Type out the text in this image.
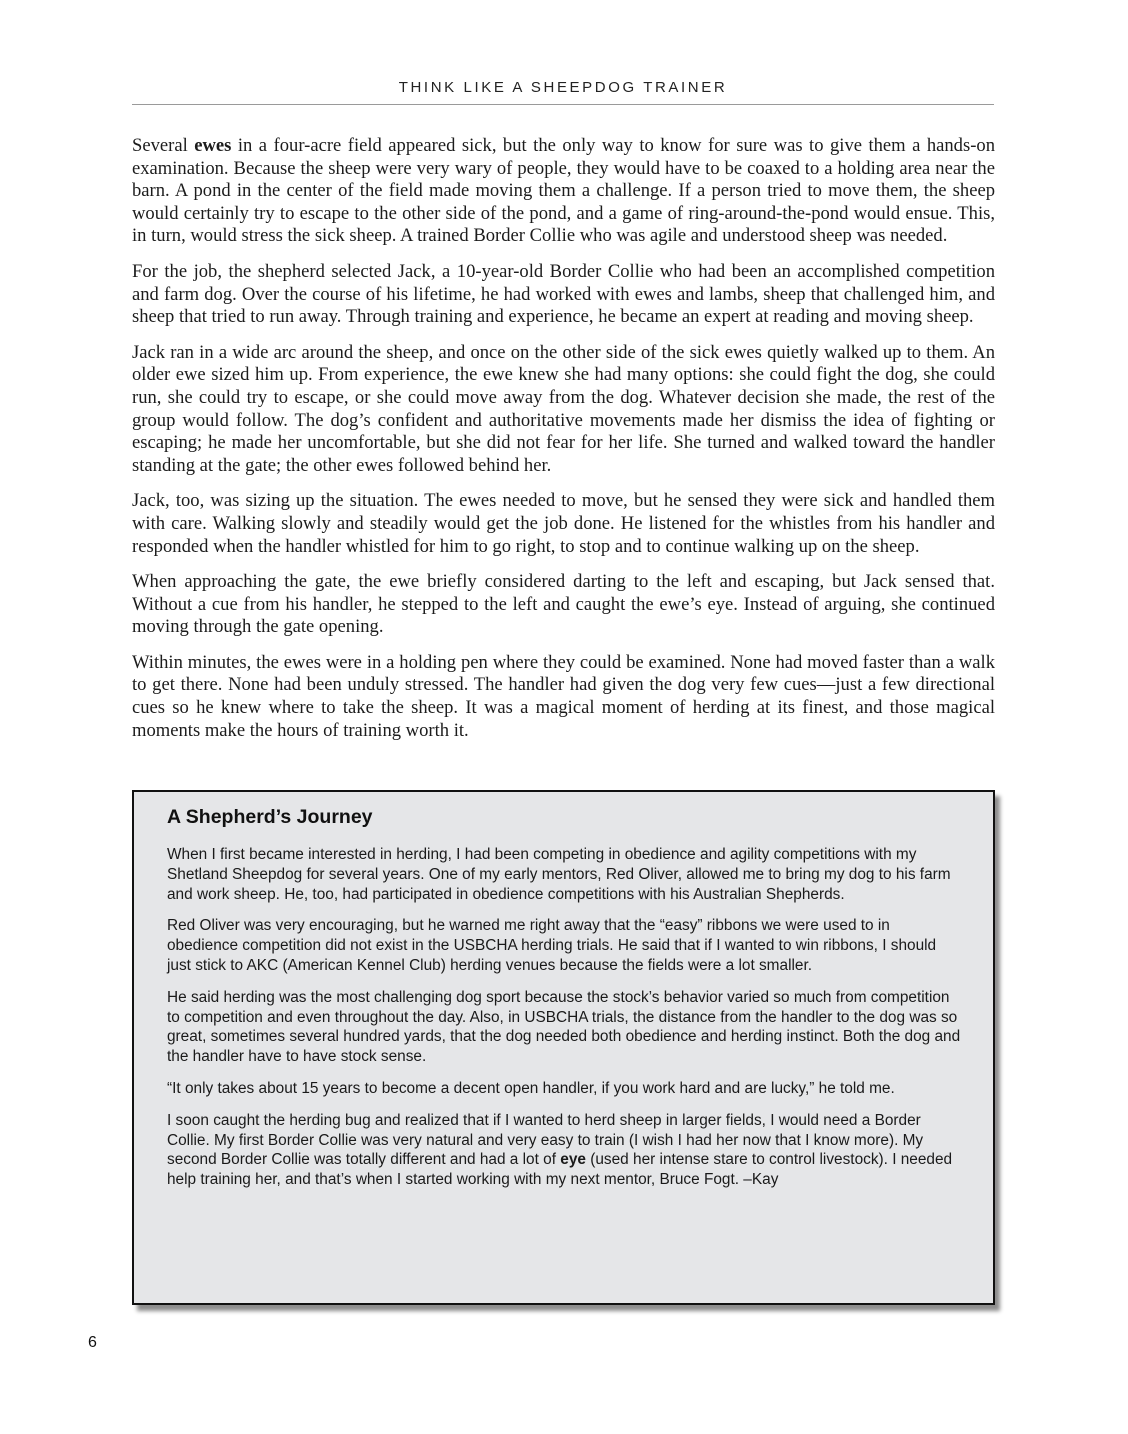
THINK LIKE A SHEEPDOG TRAINER

Several ewes in a four-acre field appeared sick, but the only way to know for sure was to give them a hands-on examination. Because the sheep were very wary of people, they would have to be coaxed to a holding area near the barn. A pond in the center of the field made moving them a challenge. If a person tried to move them, the sheep would certainly try to escape to the other side of the pond, and a game of ring-around-the-pond would ensue. This, in turn, would stress the sick sheep. A trained Border Collie who was agile and understood sheep was needed.

For the job, the shepherd selected Jack, a 10-year-old Border Collie who had been an accomplished competition and farm dog. Over the course of his lifetime, he had worked with ewes and lambs, sheep that challenged him, and sheep that tried to run away. Through training and experience, he became an expert at reading and moving sheep.

Jack ran in a wide arc around the sheep, and once on the other side of the sick ewes quietly walked up to them. An older ewe sized him up. From experience, the ewe knew she had many options: she could fight the dog, she could run, she could try to escape, or she could move away from the dog. Whatever decision she made, the rest of the group would follow. The dog’s confident and authoritative movements made her dismiss the idea of fighting or escaping; he made her uncomfortable, but she did not fear for her life. She turned and walked toward the handler standing at the gate; the other ewes followed behind her.

Jack, too, was sizing up the situation. The ewes needed to move, but he sensed they were sick and handled them with care. Walking slowly and steadily would get the job done. He listened for the whistles from his handler and responded when the handler whistled for him to go right, to stop and to continue walking up on the sheep.

When approaching the gate, the ewe briefly considered darting to the left and escaping, but Jack sensed that. Without a cue from his handler, he stepped to the left and caught the ewe’s eye. Instead of arguing, she continued moving through the gate opening.

Within minutes, the ewes were in a holding pen where they could be examined. None had moved faster than a walk to get there. None had been unduly stressed. The handler had given the dog very few cues—just a few directional cues so he knew where to take the sheep. It was a magical moment of herding at its finest, and those magical moments make the hours of training worth it.

A Shepherd’s Journey

When I first became interested in herding, I had been competing in obedience and agility competitions with my Shetland Sheepdog for several years. One of my early mentors, Red Oliver, allowed me to bring my dog to his farm and work sheep. He, too, had participated in obedience competitions with his Australian Shepherds.

Red Oliver was very encouraging, but he warned me right away that the “easy” ribbons we were used to in obedience competition did not exist in the USBCHA herding trials. He said that if I wanted to win ribbons, I should just stick to AKC (American Kennel Club) herding venues because the fields were a lot smaller.

He said herding was the most challenging dog sport because the stock’s behavior varied so much from competition to competition and even throughout the day. Also, in USBCHA trials, the distance from the handler to the dog was so great, sometimes several hundred yards, that the dog needed both obedience and herding instinct. Both the dog and the handler have to have stock sense.

“It only takes about 15 years to become a decent open handler, if you work hard and are lucky,” he told me.

I soon caught the herding bug and realized that if I wanted to herd sheep in larger fields, I would need a Border Collie. My first Border Collie was very natural and very easy to train (I wish I had her now that I know more). My second Border Collie was totally different and had a lot of eye (used her intense stare to control livestock). I needed help training her, and that’s when I started working with my next mentor, Bruce Fogt. –Kay

6
